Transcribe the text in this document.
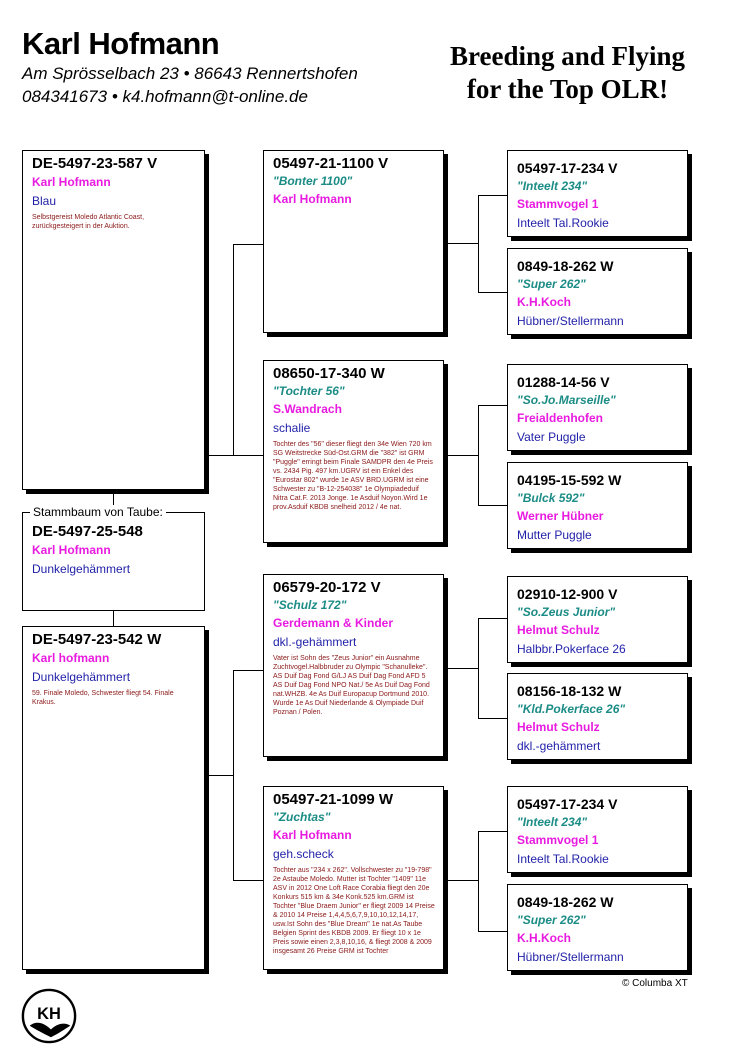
Karl Hofmann
Am Sprösselbach 23 • 86643 Rennertshofen
084341673 • k4.hofmann@t-online.de
Breeding and Flying
for the Top OLR!
DE-5497-23-587 V
Karl Hofmann
Blau
Selbstgereist Moledo Atlantic Coast, zurückgesteigert in der Auktion.
DE-5497-25-548
Karl Hofmann
Dunkelgehämmert
Stammbaum von Taube:
DE-5497-23-542 W
Karl hofmann
Dunkelgehämmert
59. Finale Moledo, Schwester fliegt 54. Finale Krakus.
05497-21-1100 V
"Bonter 1100"
Karl Hofmann
08650-17-340 W
"Tochter 56"
S.Wandrach
schalie
Tochter des "56" dieser fliegt den 34e Wien 720 km SG Weitstrecke Süd-Ost.GRM die "382" ist GRM "Puggle" erringt beim Finale SAMDPR den 4e Preis vs. 2434 Pig. 497 km.UGRV ist ein Enkel des "Eurostar 802" wurde 1e ASV BRD.UGRM ist eine Schwester zu "B-12-254038" 1e Olympiadeduif Nitra Cat.F. 2013 Jonge. 1e Asduif Noyon.Wird 1e prov.Asduif KBDB snelheid 2012 / 4e nat.
06579-20-172 V
"Schulz 172"
Gerdemann & Kinder
dkl.-gehämmert
Vater ist Sohn des "Zeus Junior" ein Ausnahme Zuchtvogel.Halbbruder zu Olympic "Schanulleke". AS Duif Dag Fond G/LJ AS Duif Dag Fond AFD 5 AS Duif Dag Fond NPO Nat./ 5e As Duif Dag Fond nat.WHZB. 4e As Duif Europacup Dortmund 2010. Wurde 1e As Duif Niederlande & Olympiade Duif Poznan / Polen.
05497-21-1099 W
"Zuchtas"
Karl Hofmann
geh.scheck
Tochter aus "234 x 262". Vollschwester zu "19-798" 2e Astaube Moledo. Mutter ist Tochter "1409" 11e ASV in 2012 One Loft Race Corabia fliegt den 20e Konkurs 515 km & 34e Konk.525 km.GRM ist Tochter "Blue Draem Junior" er fliegt 2009 14 Preise & 2010 14 Preise 1,4,4,5,6,7,9,10,10,12,14,17, usw.Ist Sohn des "Blue Dream" 1e nat.As Taube Belgien Sprint des KBDB 2009. Er fliegt 10 x 1e Preis sowie einen 2,3,8,10,16, & fliegt 2008 & 2009 insgesamt 26 Preise GRM ist Tochter
05497-17-234 V
"Inteelt 234"
Stammvogel 1
Inteelt Tal.Rookie
0849-18-262 W
"Super 262"
K.H.Koch
Hübner/Stellermann
01288-14-56 V
"So.Jo.Marseille"
Freialdenhofen
Vater Puggle
04195-15-592 W
"Bulck 592"
Werner Hübner
Mutter Puggle
02910-12-900 V
"So.Zeus Junior"
Helmut Schulz
Halbbr.Pokerface 26
08156-18-132 W
"Kld.Pokerface 26"
Helmut Schulz
dkl.-gehämmert
05497-17-234 V
"Inteelt 234"
Stammvogel 1
Inteelt Tal.Rookie
0849-18-262 W
"Super 262"
K.H.Koch
Hübner/Stellermann
© Columba XT
KH
